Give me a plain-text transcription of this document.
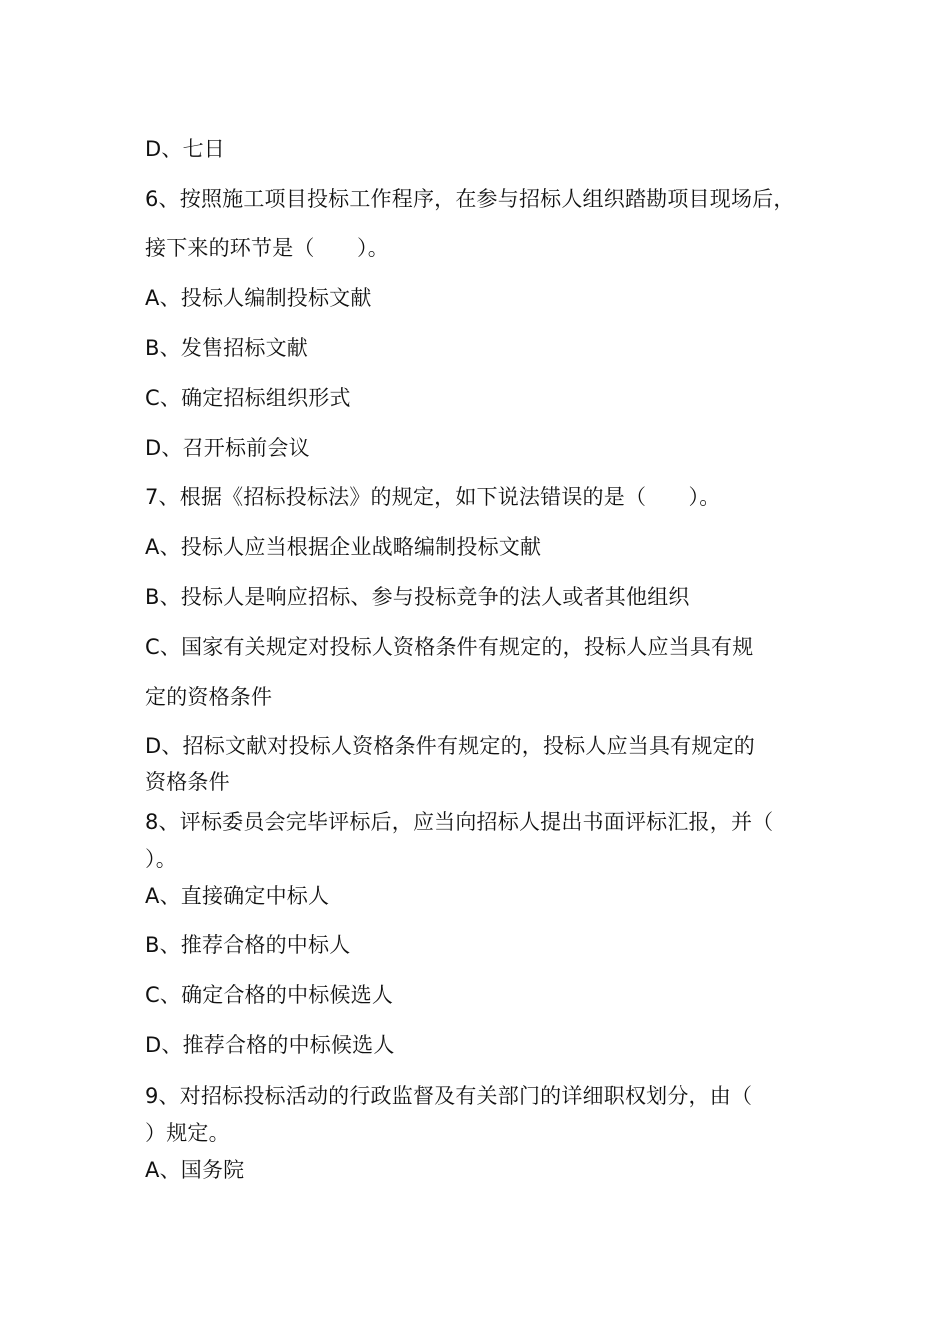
D、七日
6、按照施工项目投标工作程序，在参与招标人组织踏勘项目现场后，
接下来的环节是（　　）。
A、投标人编制投标文献
B、发售招标文献
C、确定招标组织形式
D、召开标前会议
7、根据《招标投标法》的规定，如下说法错误的是（　　）。
A、投标人应当根据企业战略编制投标文献
B、投标人是响应招标、参与投标竞争的法人或者其他组织
C、国家有关规定对投标人资格条件有规定的，投标人应当具有规
定的资格条件
D、招标文献对投标人资格条件有规定的，投标人应当具有规定的
资格条件
8、评标委员会完毕评标后，应当向招标人提出书面评标汇报，并（
）。
A、直接确定中标人
B、推荐合格的中标人
C、确定合格的中标候选人
D、推荐合格的中标候选人
9、对招标投标活动的行政监督及有关部门的详细职权划分，由（
）规定。
A、国务院
